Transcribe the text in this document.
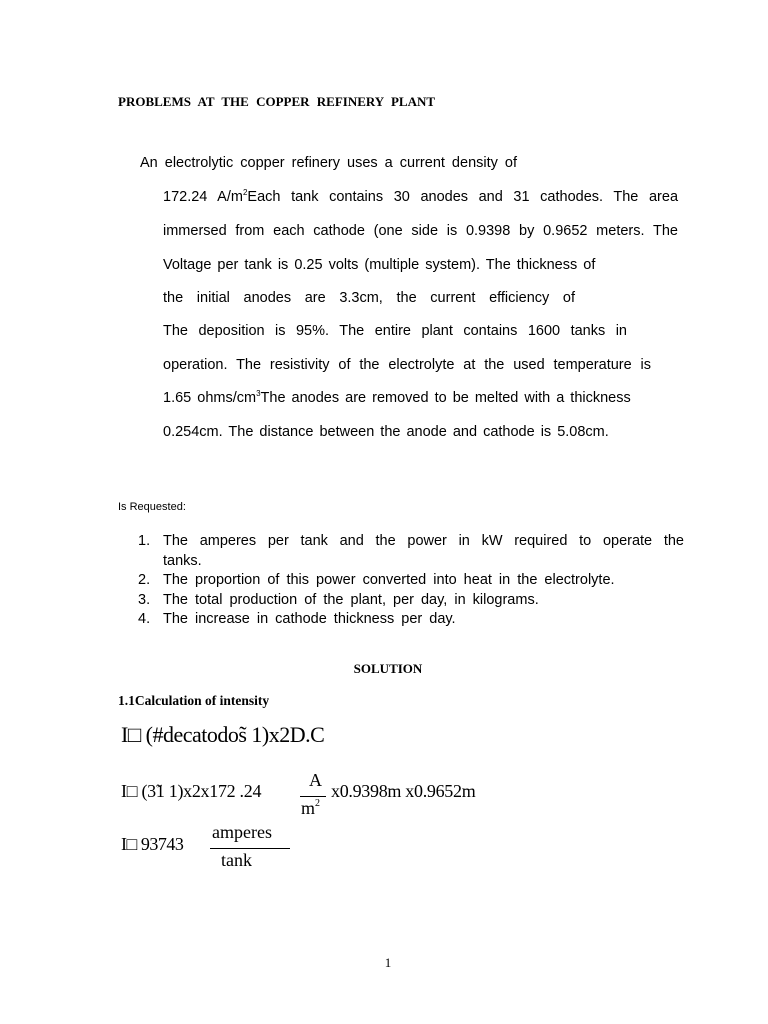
PROBLEMS AT THE COPPER REFINERY PLANT

An electrolytic copper refinery uses a current density of

172.24 $A/m^2Each$ tank contains 30 anodes and 31 cathodes. The area

immersed from each cathode (one side is 0.9398 by 0.9652 meters. The

Voltage per tank is 0.25 volts (multiple system). The thickness of

the initial anodes are 3.3cm, the current efficiency of

The deposition is 95%. The entire plant contains 1600 tanks in

operation. The resistivity of the electrolyte at the used temperature is

1.65 ohms/$cm^3The$ anodes are removed to be melted with a thickness

0.254cm. The distance between the anode and cathode is 5.08cm.

Is Requested:

1. The amperes per tank and the power in kW required to operate the
tanks.
2. The proportion of this power converted into heat in the electrolyte.
3. The total production of the plant, per day, in kilograms.
4. The increase in cathode thickness per day.

SOLUTION

1.1Calculation of intensity

I□ (#decatodos̃ 1)x2D.C

I□ (3̃1 1)x2x172 .24

A

$m^2$

x0.9398m x0.9652m

I□ 93743

amperes

tank

1
